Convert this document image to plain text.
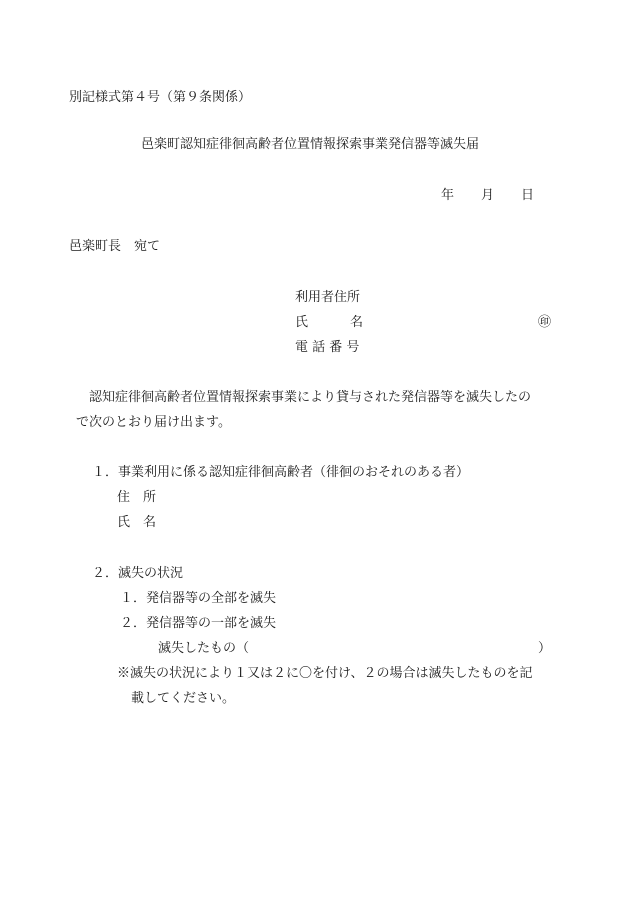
別記様式第４号（第９条関係）
邑楽町認知症徘徊高齢者位置情報探索事業発信器等滅失届
年 月 日
邑楽町長　宛て
利用者住所
氏	名	㊞
電 話 番 号
認知症徘徊高齢者位置情報探索事業により貸与された発信器等を滅失したの
で次のとおり届け出ます。
１．事業利用に係る認知症徘徊高齢者（徘徊のおそれのある者）
住　所
氏　名
２．滅失の状況
１．発信器等の全部を滅失
２．発信器等の一部を滅失
滅失したもの（	）
※滅失の状況により１又は２に〇を付け、２の場合は滅失したものを記
載してください。
